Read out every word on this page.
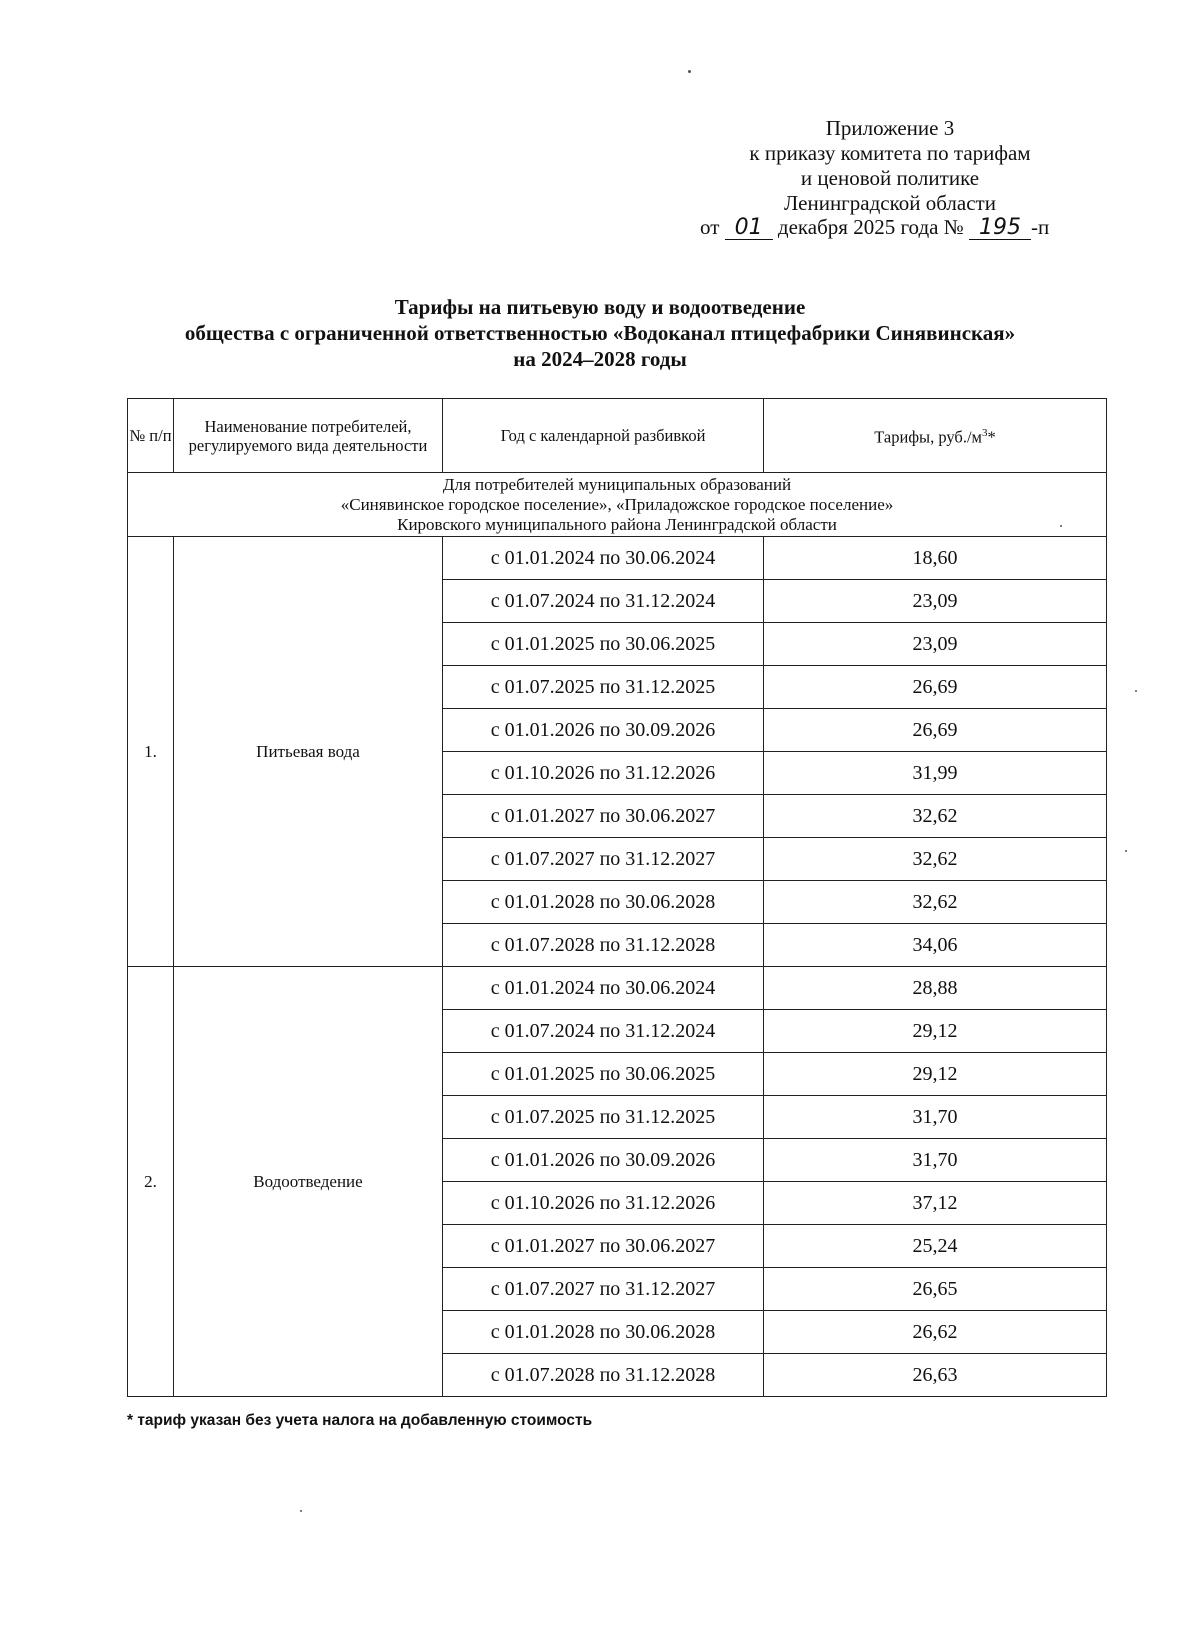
Приложение 3
к приказу комитета по тарифам
и ценовой политике
Ленинградской области
от 01 декабря 2025 года № 195 -п
Тарифы на питьевую воду и водоотведение
общества с ограниченной ответственностью «Водоканал птицефабрики Синявинская»
на 2024–2028 годы
№ п/п	Наименование потребителей, регулируемого вида деятельности	Год с календарной разбивкой	Тарифы, $руб./м^3*$

Для потребителей муниципальных образований
«Синявинское городское поселение», «Приладожское городское поселение»
Кировского муниципального района Ленинградской области			

1.	Питьевая вода	с 01.01.2024 по 30.06.2024	18,60
		с 01.07.2024 по 31.12.2024	23,09
		с 01.01.2025 по 30.06.2025	23,09
		с 01.07.2025 по 31.12.2025	26,69
		с 01.01.2026 по 30.09.2026	26,69
		с 01.10.2026 по 31.12.2026	31,99
		с 01.01.2027 по 30.06.2027	32,62
		с 01.07.2027 по 31.12.2027	32,62
		с 01.01.2028 по 30.06.2028	32,62
		с 01.07.2028 по 31.12.2028	34,06
2.	Водоотведение	с 01.01.2024 по 30.06.2024	28,88
		с 01.07.2024 по 31.12.2024	29,12
		с 01.01.2025 по 30.06.2025	29,12
		с 01.07.2025 по 31.12.2025	31,70
		с 01.01.2026 по 30.09.2026	31,70
		с 01.10.2026 по 31.12.2026	37,12
		с 01.01.2027 по 30.06.2027	25,24
		с 01.07.2027 по 31.12.2027	26,65
		с 01.01.2028 по 30.06.2028	26,62
		с 01.07.2028 по 31.12.2028	26,63
* тариф указан без учета налога на добавленную стоимость
